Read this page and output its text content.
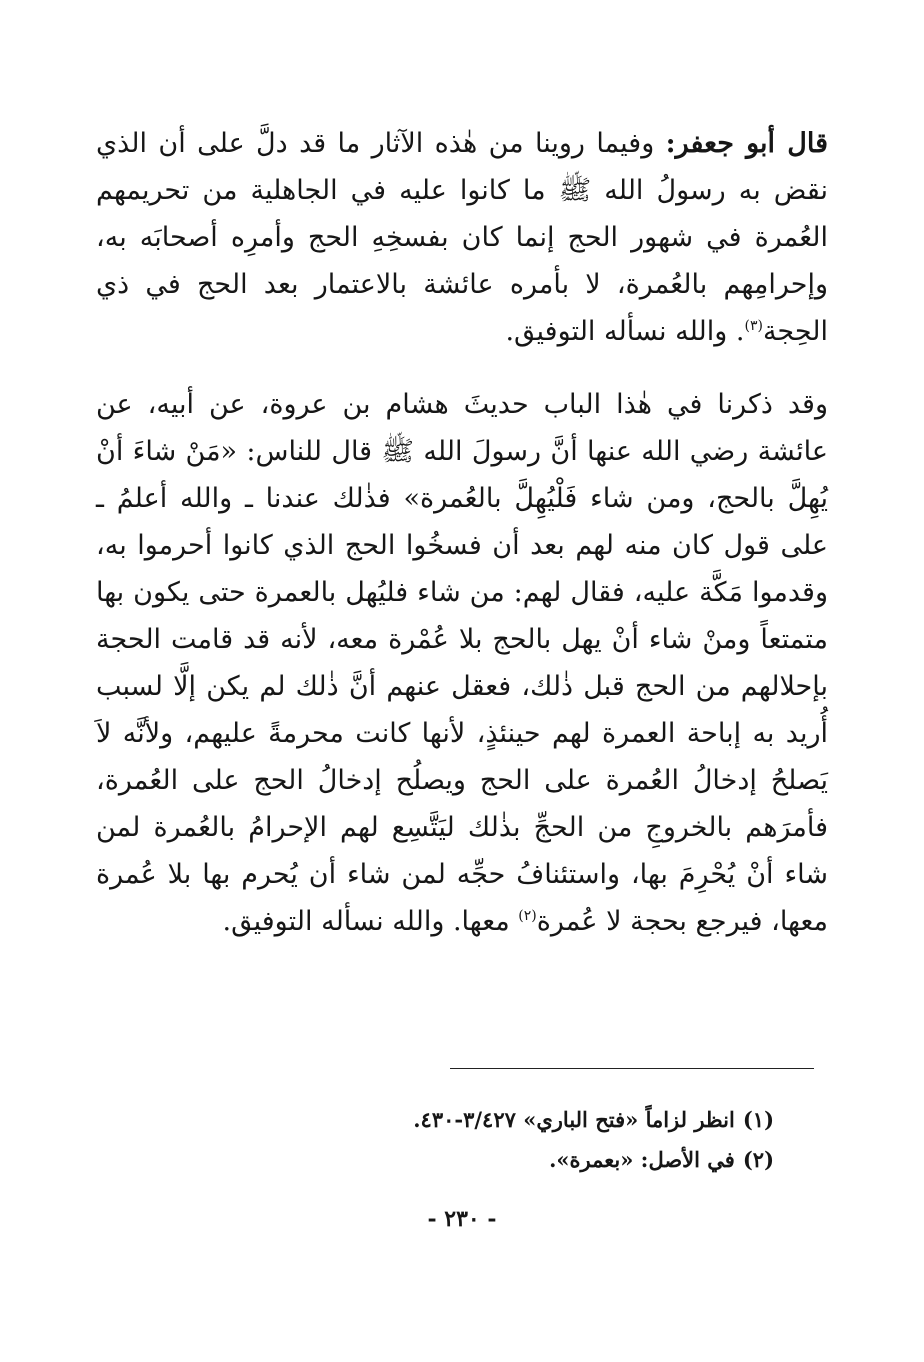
قال أبو جعفر: وفيما روينا من هٰذه الآثار ما قد دلَّ على أن الذي نقض به رسولُ الله ﷺ ما كانوا عليه في الجاهلية من تحريمهم العُمرة في شهور الحج إنما كان بفسخِهِ الحج وأمرِه أصحابَه به، وإحرامِهم بالعُمرة، لا بأمره عائشة بالاعتمار بعد الحج في ذي الحِجة$^{(٣)}$. والله نسأله التوفيق.

وقد ذكرنا في هٰذا الباب حديثَ هشام بن عروة، عن أبيه، عن عائشة رضي الله عنها أنَّ رسولَ الله ﷺ قال للناس: «مَنْ شاءَ أنْ يُهِلَّ بالحج، ومن شاء فَلْيُهِلَّ بالعُمرة» فذٰلك عندنا ـ والله أعلمُ ـ على قول كان منه لهم بعد أن فسخُوا الحج الذي كانوا أحرموا به، وقدموا مَكَّة عليه، فقال لهم: من شاء فليُهل بالعمرة حتى يكون بها متمتعاً ومنْ شاء أنْ يهل بالحج بلا عُمْرة معه، لأنه قد قامت الحجة بإحلالهم من الحج قبل ذٰلك، فعقل عنهم أنَّ ذٰلك لم يكن إلَّا لسبب أُريد به إباحة العمرة لهم حينئذٍ، لأنها كانت محرمةً عليهم، ولأنَّه لاَ يَصلحُ إدخالُ العُمرة على الحج ويصلُح إدخالُ الحج على العُمرة، فأمرَهم بالخروجِ من الحجِّ بذٰلك ليَتَّسِع لهم الإحرامُ بالعُمرة لمن شاء أنْ يُحْرِمَ بها، واستئنافُ حجِّه لمن شاء أن يُحرم بها بلا عُمرة معها، فيرجع بحجة لا عُمرة$^{(٢)}$ معها. والله نسأله التوفيق.

(١)انظر لزاماً «فتح الباري» ٣/٤٢٧-٤٣٠.

(٢)في الأصل: «بعمرة».

- ٢٣٠ -
